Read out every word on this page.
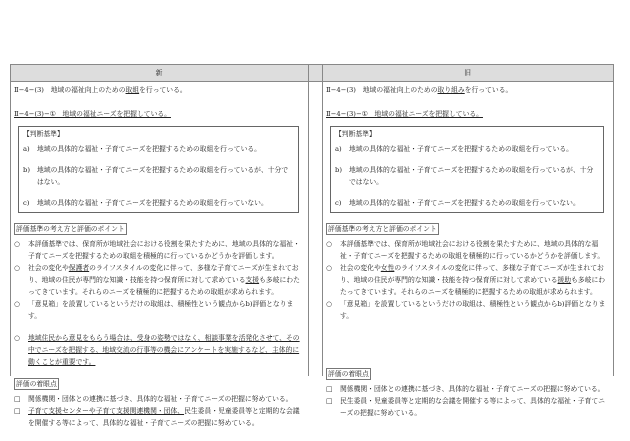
新	旧
Ⅱ−4−(3)　地域の福祉向上のための取組を行っている。
Ⅱ−4−(3)−①　地域の福祉ニーズを把握している。
【判断基準】
a) 地域の具体的な福祉・子育てニーズを把握するための取組を行っている。
b) 地域の具体的な福祉・子育てニーズを把握するための取組を行っているが、十分ではない。
c) 地域の具体的な福祉・子育てニーズを把握するための取組を行っていない。
評価基準の考え方と評価のポイント
○ 本評価基準では、保育所が地域社会における役割を果たすために、地域の具体的な福祉・子育てニーズを把握するための取組を積極的に行っているかどうかを評価します。
○ 社会の変化や保護者のライフスタイルの変化に伴って、多様な子育てニーズが生まれており、地域の住民が専門的な知識・技能を持つ保育所に対して求めている支援も多岐にわたってきています。それらのニーズを積極的に把握するための取組が求められます。
○ 「意見箱」を設置しているというだけの取組は、積極性という観点からb)評価となります。
○ 地域住民から意見をもらう場合は、受身の姿勢ではなく、相談事業を活発化させて、その中でニーズを把握する、地域交流の行事等の機会にアンケートを実施するなど、主体的に動くことが重要です。
評価の着眼点
□ 関係機関・団体との連携に基づき、具体的な福祉・子育てニーズの把握に努めている。
□ 子育て支援センターや子育て支援関連機関・団体、民生委員・児童委員等と定期的な会議を開催する等によって、具体的な福祉・子育てニーズの把握に努めている。
Ⅱ−4−(3)　地域の福祉向上のための取り組みを行っている。
Ⅱ−4−(3)−①　地域の福祉ニーズを把握している。
【判断基準】
a) 地域の具体的な福祉・子育てニーズを把握するための取組を行っている。
b) 地域の具体的な福祉・子育てニーズを把握するための取組を行っているが、十分ではない。
c) 地域の具体的な福祉・子育てニーズを把握するための取組を行っていない。
評価基準の考え方と評価のポイント
○ 本評価基準では、保育所が地域社会における役割を果たすために、地域の具体的な福祉・子育てニーズを把握するための取組を積極的に行っているかどうかを評価します。
○ 社会の変化や女性のライフスタイルの変化に伴って、多様な子育てニーズが生まれており、地域の住民が専門的な知識・技能を持つ保育所に対して求めている援助も多岐にわたってきています。それらのニーズを積極的に把握するための取組が求められます。
○ 「意見箱」を設置しているというだけの取組は、積極性という観点からb)評価となります。
評価の着眼点
□ 関係機関・団体との連携に基づき、具体的な福祉・子育てニーズの把握に努めている。
□ 民生委員・児童委員等と定期的な会議を開催する等によって、具体的な福祉・子育てニーズの把握に努めている。
